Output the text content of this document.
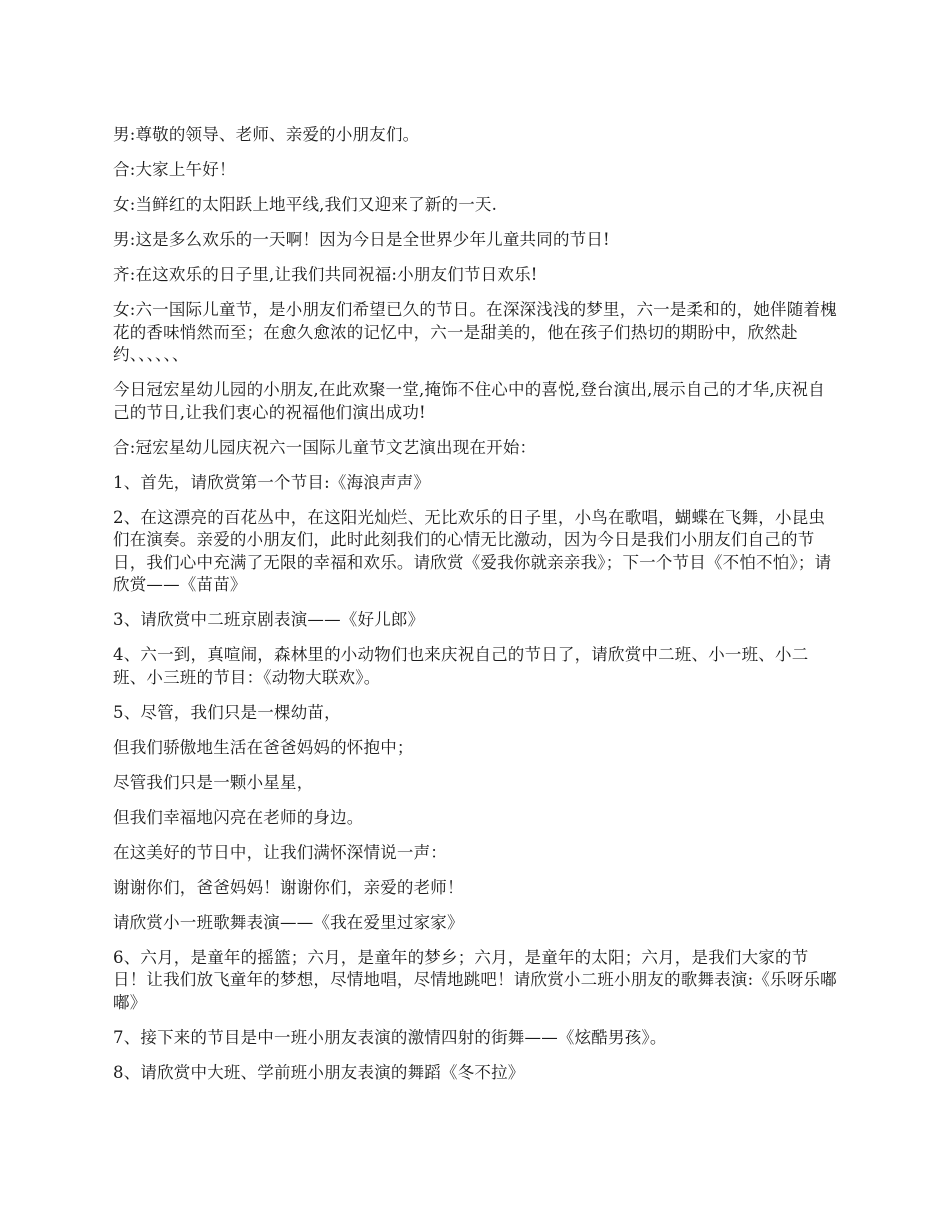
男:尊敬的领导、老师、亲爱的小朋友们。

合:大家上午好！

女:当鲜红的太阳跃上地平线,我们又迎来了新的一天.

男:这是多么欢乐的一天啊！因为今日是全世界少年儿童共同的节日!

齐:在这欢乐的日子里,让我们共同祝福:小朋友们节日欢乐!

女:六一国际儿童节，是小朋友们希望已久的节日。在深深浅浅的梦里，六一是柔和的，她伴随着槐花的香味悄然而至；在愈久愈浓的记忆中，六一是甜美的，他在孩子们热切的期盼中，欣然赴约、、、、、、

今日冠宏星幼儿园的小朋友,在此欢聚一堂,掩饰不住心中的喜悦,登台演出,展示自己的才华,庆祝自己的节日,让我们衷心的祝福他们演出成功!

合:冠宏星幼儿园庆祝六一国际儿童节文艺演出现在开始：

1、首先，请欣赏第一个节目:《海浪声声》

2、在这漂亮的百花丛中，在这阳光灿烂、无比欢乐的日子里，小鸟在歌唱，蝴蝶在飞舞，小昆虫们在演奏。亲爱的小朋友们，此时此刻我们的心情无比激动，因为今日是我们小朋友们自己的节日，我们心中充满了无限的幸福和欢乐。请欣赏《爱我你就亲亲我》；下一个节目《不怕不怕》；请欣赏——《苗苗》

3、请欣赏中二班京剧表演——《好儿郎》

4、六一到，真喧闹，森林里的小动物们也来庆祝自己的节日了，请欣赏中二班、小一班、小二班、小三班的节目：《动物大联欢》。

5、尽管，我们只是一棵幼苗，

但我们骄傲地生活在爸爸妈妈的怀抱中；

尽管我们只是一颗小星星，

但我们幸福地闪亮在老师的身边。

在这美好的节日中，让我们满怀深情说一声：

谢谢你们，爸爸妈妈！谢谢你们，亲爱的老师！

请欣赏小一班歌舞表演——《我在爱里过家家》

6、六月，是童年的摇篮；六月，是童年的梦乡；六月，是童年的太阳；六月，是我们大家的节日！让我们放飞童年的梦想，尽情地唱，尽情地跳吧！请欣赏小二班小朋友的歌舞表演:《乐呀乐嘟嘟》

7、接下来的节目是中一班小朋友表演的激情四射的街舞——《炫酷男孩》。

8、请欣赏中大班、学前班小朋友表演的舞蹈《冬不拉》
